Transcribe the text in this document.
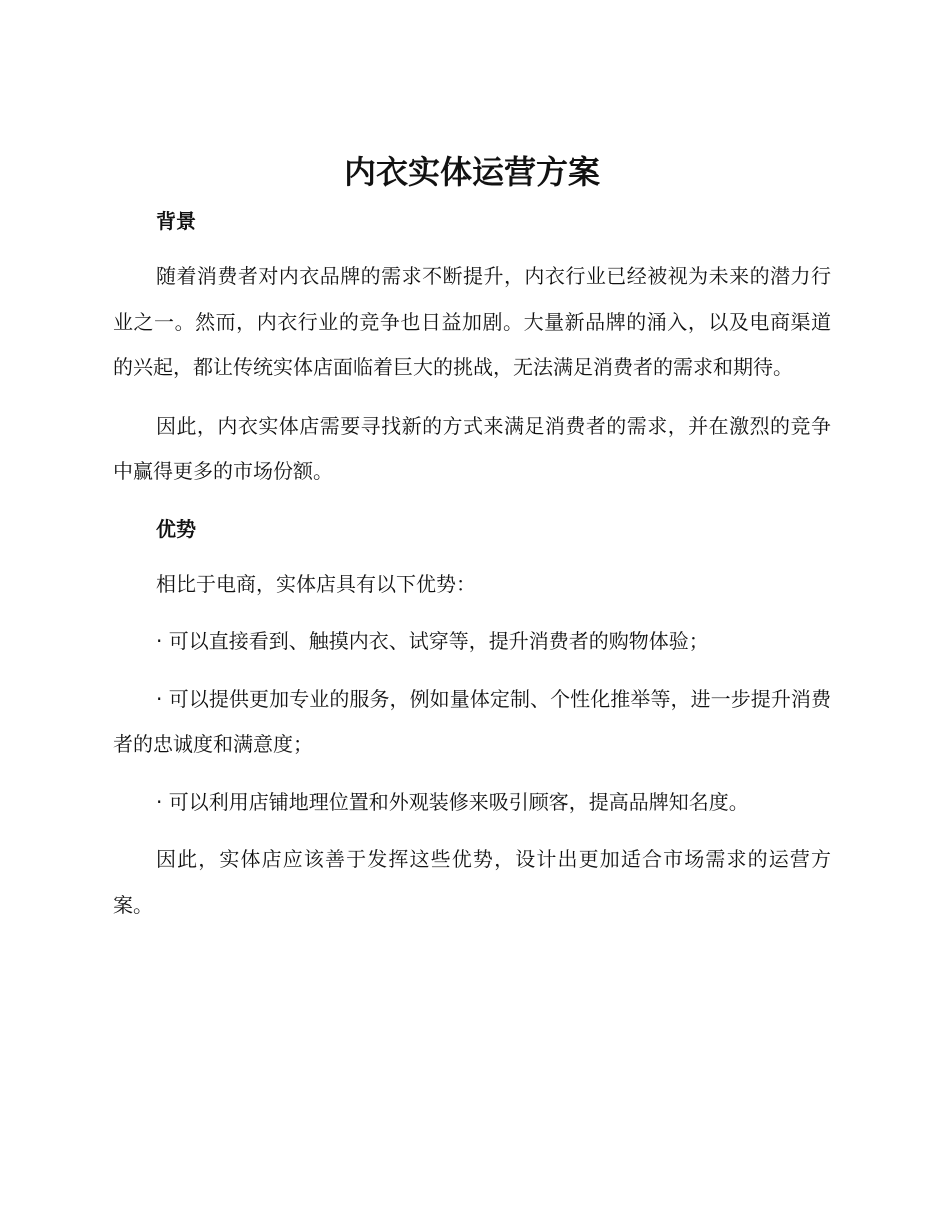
内衣实体运营方案
背景

随着消费者对内衣品牌的需求不断提升，内衣行业已经被视为未来的潜力行业之一。然而，内衣行业的竞争也日益加剧。大量新品牌的涌入，以及电商渠道的兴起，都让传统实体店面临着巨大的挑战，无法满足消费者的需求和期待。

因此，内衣实体店需要寻找新的方式来满足消费者的需求，并在激烈的竞争中赢得更多的市场份额。

优势

相比于电商，实体店具有以下优势：

· 可以直接看到、触摸内衣、试穿等，提升消费者的购物体验；

· 可以提供更加专业的服务，例如量体定制、个性化推举等，进一步提升消费者的忠诚度和满意度；

· 可以利用店铺地理位置和外观装修来吸引顾客，提高品牌知名度。

因此，实体店应该善于发挥这些优势，设计出更加适合市场需求的运营方案。
